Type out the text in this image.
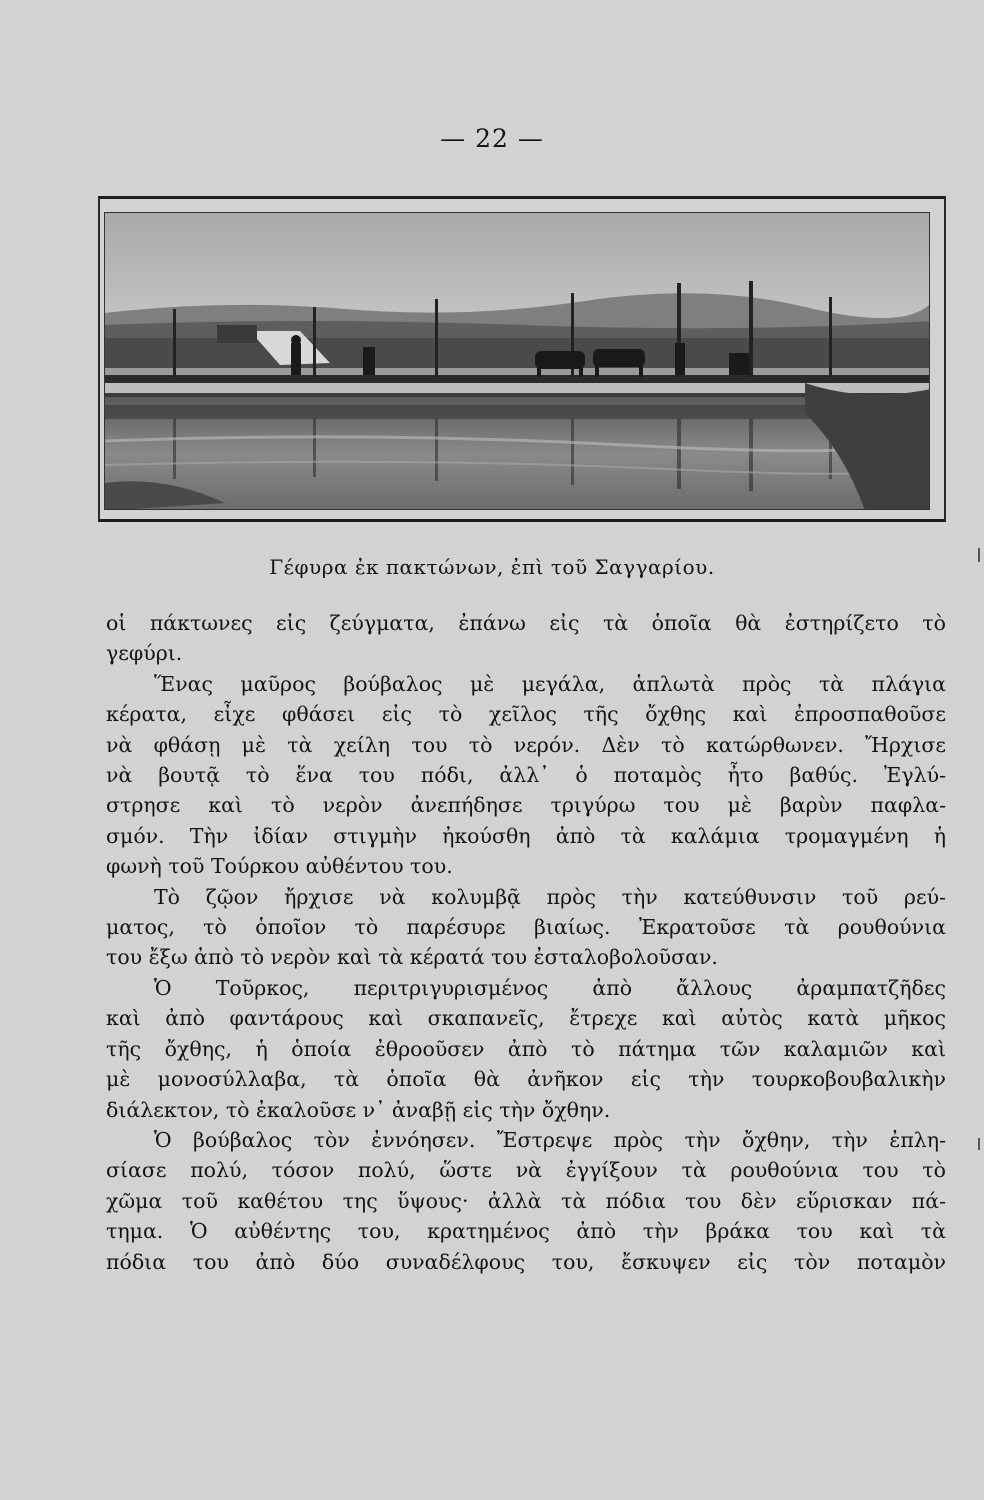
— 22 —
Γέφυρα ἐκ πακτώνων, ἐπὶ τοῦ Σαγγαρίου.
οἱ πάκτωνες εἰς ζεύγματα, ἐπάνω εἰς τὰ ὁποῖα θὰ ἐστηρίζετο τὸ
γεφύρι.
Ἕνας μαῦρος βούβαλος μὲ μεγάλα, ἁπλωτὰ πρὸς τὰ πλάγια
κέρατα, εἶχε φθάσει εἰς τὸ χεῖλος τῆς ὄχθης καὶ ἐπροσπαθοῦσε
νὰ φθάσῃ μὲ τὰ χείλη του τὸ νερόν. Δὲν τὸ κατώρθωνεν. Ἤρχισε
νὰ βουτᾷ τὸ ἕνα του πόδι, ἀλλ᾽ ὁ ποταμὸς ἦτο βαθύς. Ἐγλύ-
στρησε καὶ τὸ νερὸν ἀνεπήδησε τριγύρω του μὲ βαρὺν παφλα-
σμόν. Τὴν ἰδίαν στιγμὴν ἠκούσθη ἀπὸ τὰ καλάμια τρομαγμένη ἡ
φωνὴ τοῦ Τούρκου αὐθέντου του.
Τὸ ζῷον ἤρχισε νὰ κολυμβᾷ πρὸς τὴν κατεύθυνσιν τοῦ ρεύ-
ματος, τὸ ὁποῖον τὸ παρέσυρε βιαίως. Ἐκρατοῦσε τὰ ρουθούνια
του ἔξω ἀπὸ τὸ νερὸν καὶ τὰ κέρατά του ἐσταλοβολοῦσαν.
Ὁ Τοῦρκος, περιτριγυρισμένος ἀπὸ ἄλλους ἀραμπατζῆδες
καὶ ἀπὸ φαντάρους καὶ σκαπανεῖς, ἔτρεχε καὶ αὐτὸς κατὰ μῆκος
τῆς ὄχθης, ἡ ὁποία ἐθροοῦσεν ἀπὸ τὸ πάτημα τῶν καλαμιῶν καὶ
μὲ μονοσύλλαβα, τὰ ὁποῖα θὰ ἀνῆκον εἰς τὴν τουρκοβουβαλικὴν
διάλεκτον, τὸ ἐκαλοῦσε ν᾽ ἀναβῇ εἰς τὴν ὄχθην.
Ὁ βούβαλος τὸν ἐννόησεν. Ἔστρεψε πρὸς τὴν ὄχθην, τὴν ἐπλη-
σίασε πολύ, τόσον πολύ, ὥστε νὰ ἐγγίξουν τὰ ρουθούνια του τὸ
χῶμα τοῦ καθέτου της ὕψους· ἀλλὰ τὰ πόδια του δὲν εὕρισκαν πά-
τημα. Ὁ αὐθέντης του, κρατημένος ἀπὸ τὴν βράκα του καὶ τὰ
πόδια του ἀπὸ δύο συναδέλφους του, ἔσκυψεν εἰς τὸν ποταμὸν
